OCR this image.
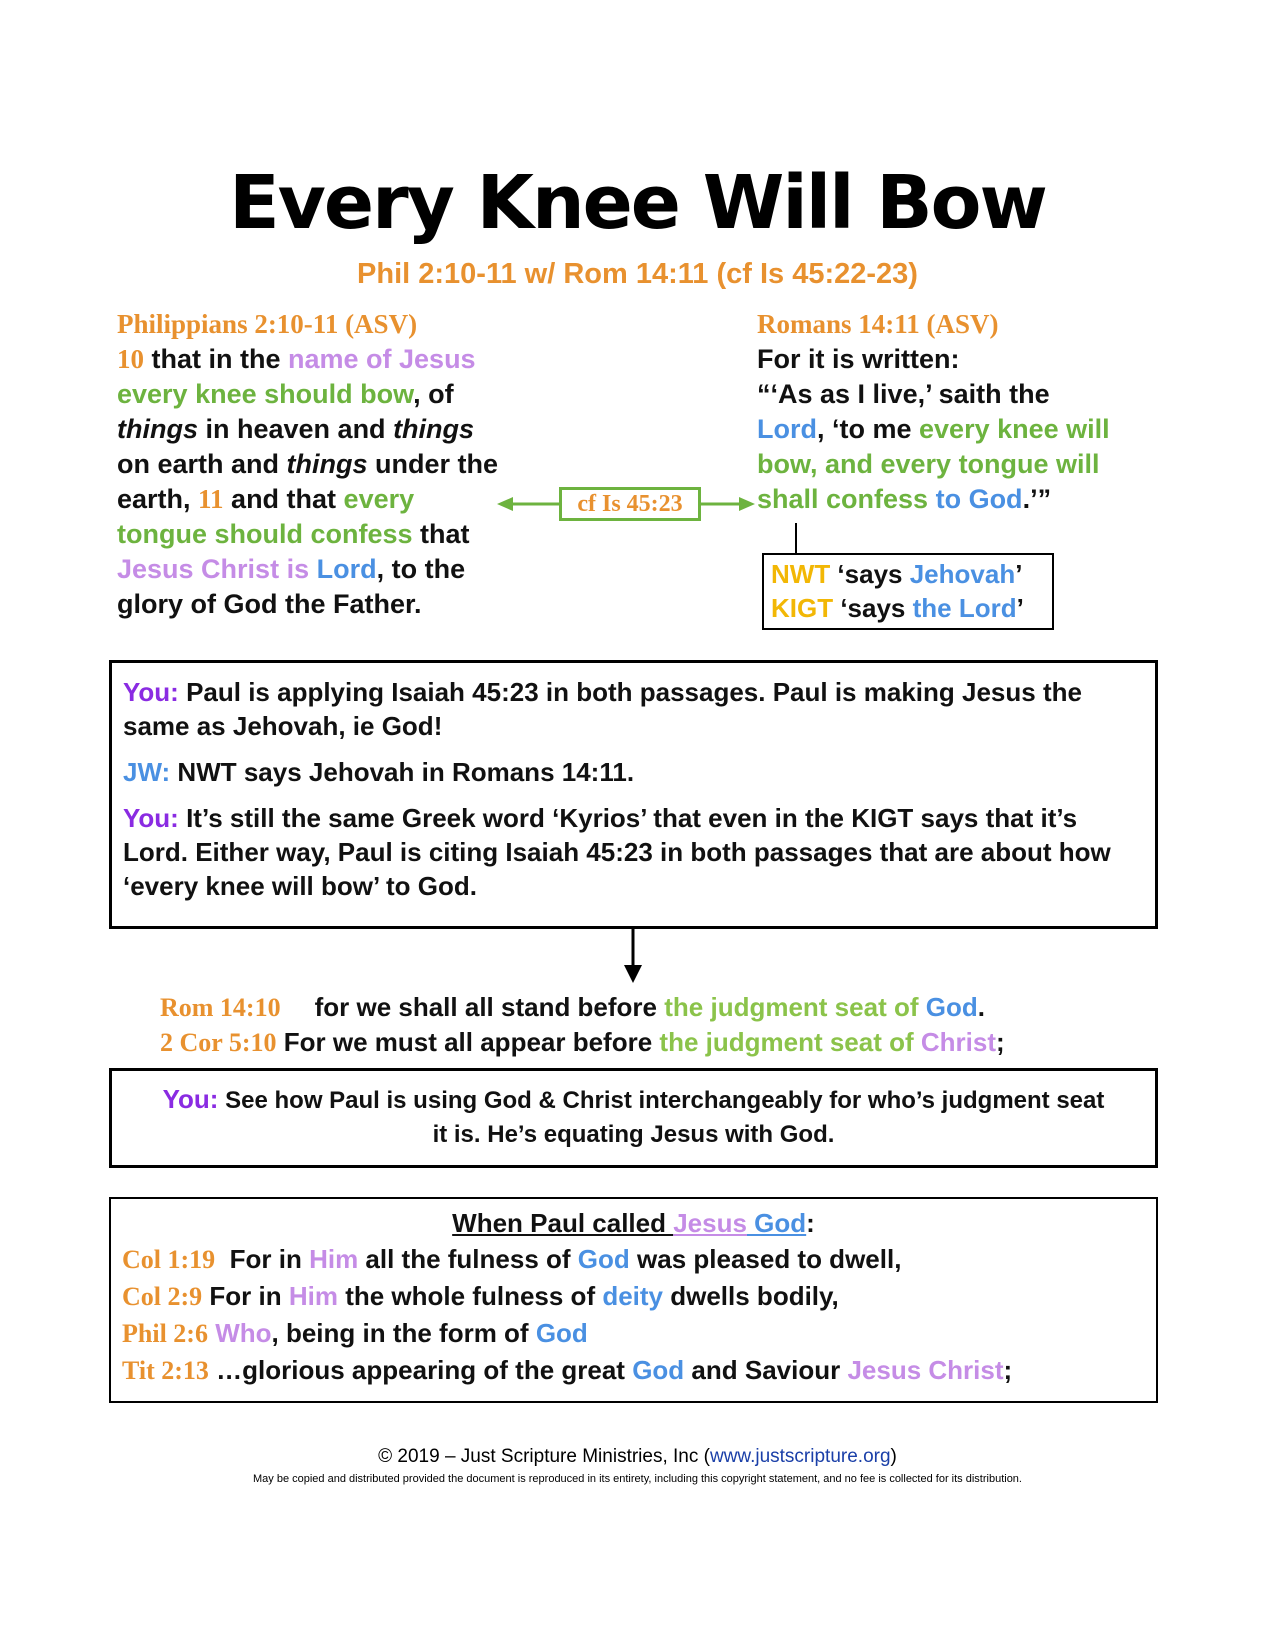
Every Knee Will Bow
Phil 2:10-11 w/ Rom 14:11 (cf Is 45:22-23)
Philippians 2:10-11 (ASV)
10 that in the name of Jesus
every knee should bow, of
things in heaven and things
on earth and things under the
earth, 11 and that every
tongue should confess that
Jesus Christ is Lord, to the
glory of God the Father.
Romans 14:11 (ASV)
For it is written:
“‘As as I live,’ saith the
Lord, ‘to me every knee will
bow, and every tongue will
shall confess to God.’”
cf Is 45:23
NWT ‘says Jehovah’
KIGT ‘says the Lord’

You: Paul is applying Isaiah 45:23 in both passages. Paul is making Jesus the same as Jehovah, ie God!

JW: NWT says Jehovah in Romans 14:11.

You: It’s still the same Greek word ‘Kyrios’ that even in the KIGT says that it’s Lord. Either way, Paul is citing Isaiah 45:23 in both passages that are about how ‘every knee will bow’ to God.

Rom 14:10 for we shall all stand before the judgment seat of God.
2 Cor 5:10 For we must all appear before the judgment seat of Christ;

You: See how Paul is using God & Christ interchangeably for who’s judgment seat it is. He’s equating Jesus with God.

When Paul called Jesus God:
Col 1:19  For in Him all the fulness of God was pleased to dwell,
Col 2:9 For in Him the whole fulness of deity dwells bodily,
Phil 2:6 Who, being in the form of God
Tit 2:13 …glorious appearing of the great God and Saviour Jesus Christ;
© 2019 – Just Scripture Ministries, Inc (www.justscripture.org)
May be copied and distributed provided the document is reproduced in its entirety, including this copyright statement, and no fee is collected for its distribution.
